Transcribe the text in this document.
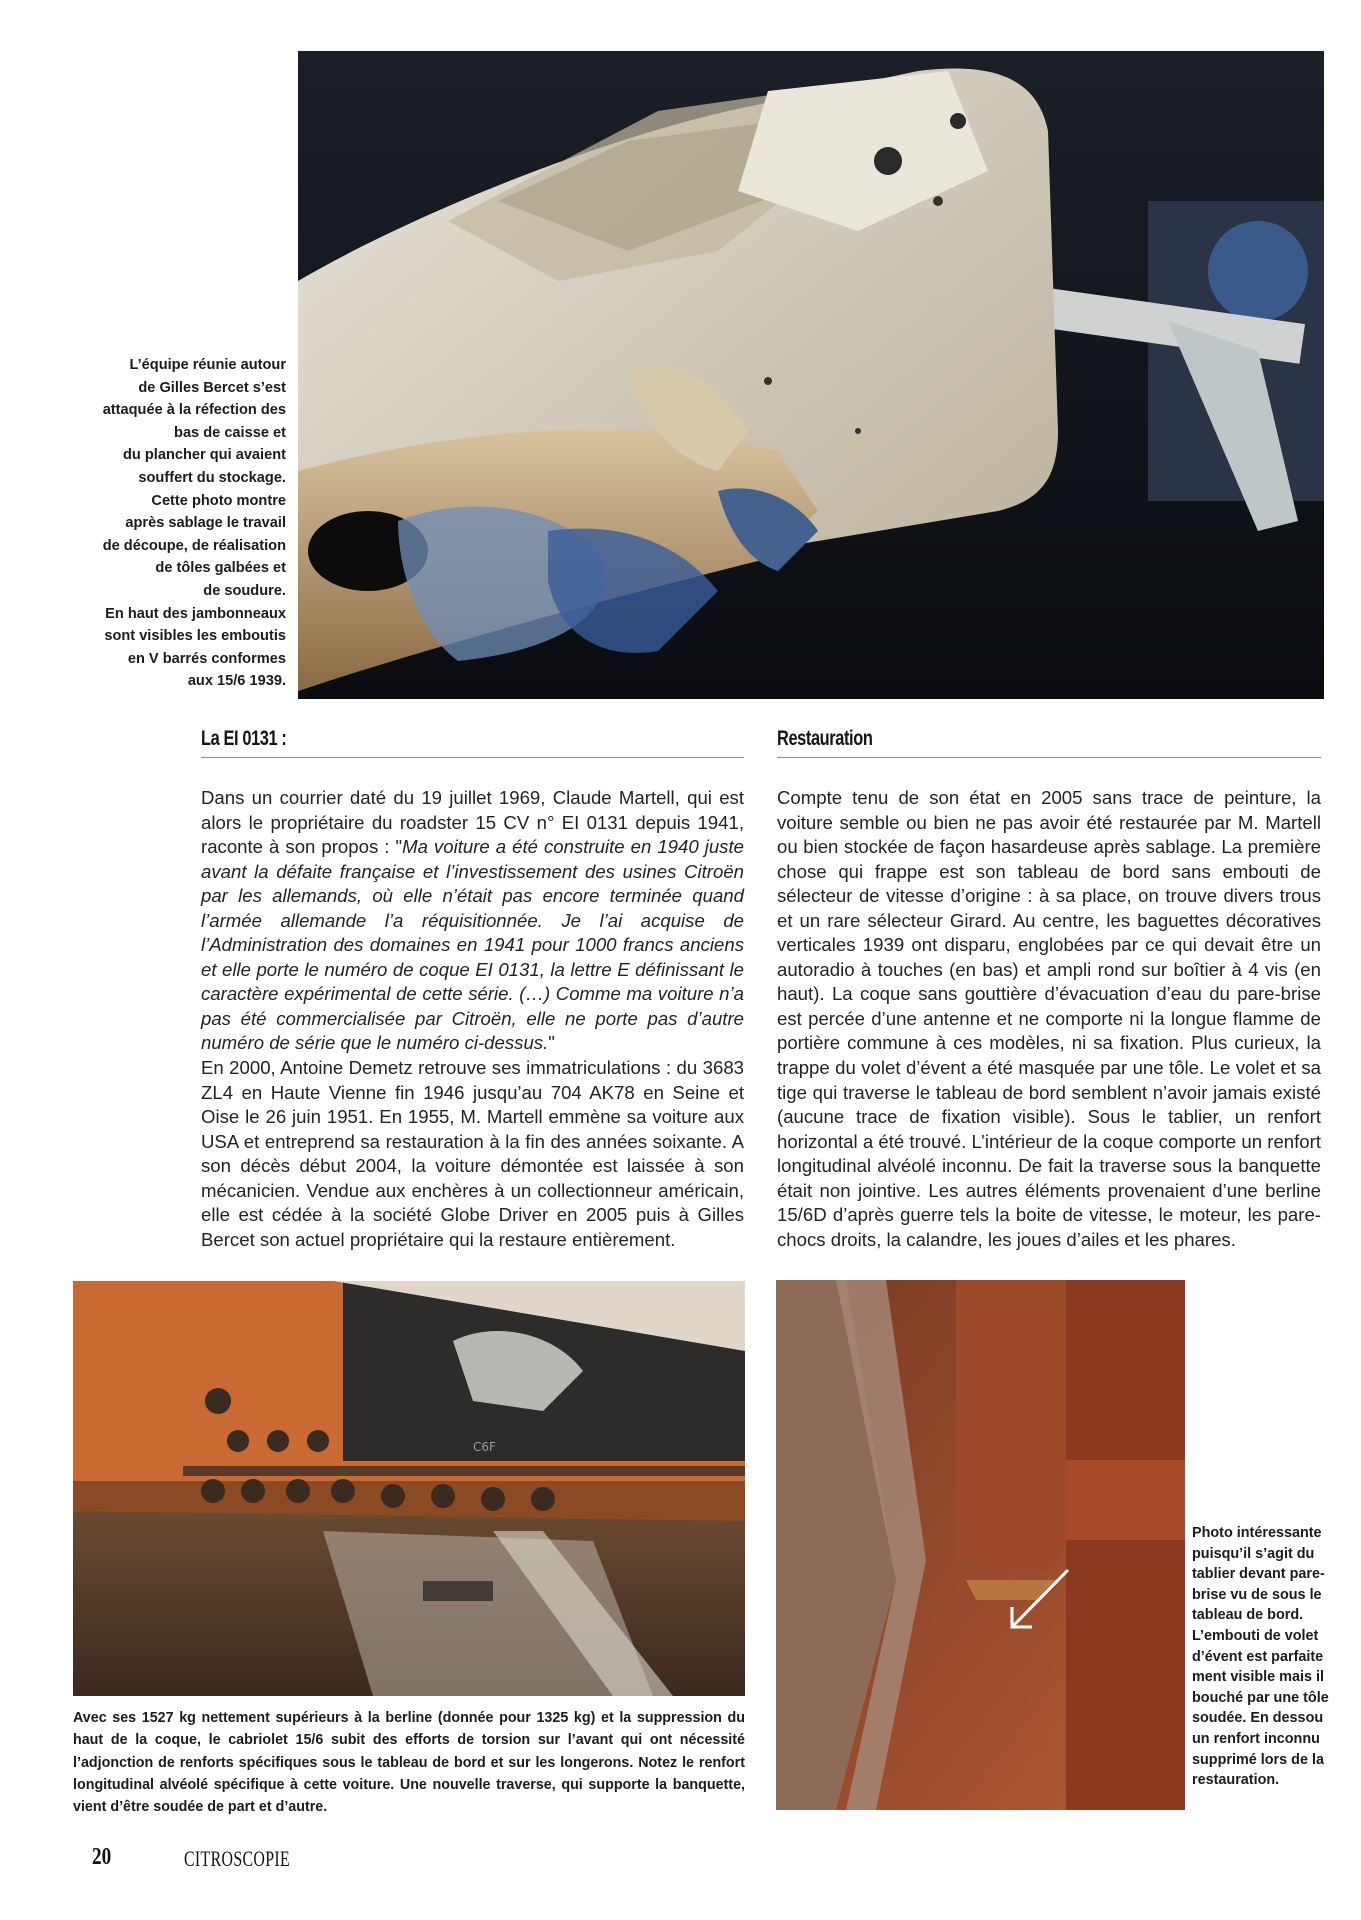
L’équipe réunie autour
de Gilles Bercet s’est
attaquée à la réfection des
bas de caisse et
du plancher qui avaient
souffert du stockage.
Cette photo montre
après sablage le travail
de découpe, de réalisation
de tôles galbées et
de soudure.
En haut des jambonneaux
sont visibles les emboutis
en V barrés conformes
aux 15/6 1939.
La EI 0131 :	Restauration

Dans un courrier daté du 19 juillet 1969, Claude Martell, qui est alors le propriétaire du roadster 15 CV n° EI 0131 depuis 1941, raconte à son propos : "Ma voiture a été construite en 1940 juste avant la défaite française et l’investissement des usines Citroën par les allemands, où elle n’était pas encore terminée quand l’armée allemande l’a réquisitionnée. Je l’ai acquise de l’Administration des domaines en 1941 pour 1000 francs anciens et elle porte le numéro de coque EI 0131, la lettre E définissant le caractère expérimental de cette série. (…) Comme ma voiture n’a pas été commercialisée par Citroën, elle ne porte pas d’autre numéro de série que le numéro ci-dessus."

En 2000, Antoine Demetz retrouve ses immatriculations : du 3683 ZL4 en Haute Vienne fin 1946 jusqu’au 704 AK78 en Seine et Oise le 26 juin 1951. En 1955, M. Martell emmène sa voiture aux USA et entreprend sa restauration à la fin des années soixante. A son décès début 2004, la voiture démontée est laissée à son mécanicien. Vendue aux enchères à un collectionneur américain, elle est cédée à la société Globe Driver en 2005 puis à Gilles Bercet son actuel propriétaire qui la restaure entièrement.

Compte tenu de son état en 2005 sans trace de peinture, la voiture semble ou bien ne pas avoir été restaurée par M. Martell ou bien stockée de façon hasardeuse après sablage. La première chose qui frappe est son tableau de bord sans embouti de sélecteur de vitesse d’origine : à sa place, on trouve divers trous et un rare sélecteur Girard. Au centre, les baguettes décoratives verticales 1939 ont disparu, englobées par ce qui devait être un autoradio à touches (en bas) et ampli rond sur boîtier à 4 vis (en haut). La coque sans gouttière d’évacuation d’eau du pare-brise est percée d’une antenne et ne comporte ni la longue flamme de portière commune à ces modèles, ni sa fixation. Plus curieux, la trappe du volet d’évent a été masquée par une tôle. Le volet et sa tige qui traverse le tableau de bord semblent n’avoir jamais existé (aucune trace de fixation visible). Sous le tablier, un renfort horizontal a été trouvé. L’intérieur de la coque comporte un renfort longitudinal alvéolé inconnu. De fait la traverse sous la banquette était non jointive. Les autres éléments provenaient d’une berline 15/6D d’après guerre tels la boite de vitesse, le moteur, les pare-chocs droits, la calandre, les joues d’ailes et les phares.

C6F
Avec ses 1527 kg nettement supérieurs à la berline (donnée pour 1325 kg) et la suppression du haut de la coque, le cabriolet 15/6 subit des efforts de torsion sur l’avant qui ont nécessité l’adjonction de renforts spécifiques sous le tableau de bord et sur les longerons. Notez le renfort longitudinal alvéolé spécifique à cette voiture. Une nouvelle traverse, qui supporte la banquette, vient d’être soudée de part et d’autre.
Photo intéressante
puisqu’il s’agit du
tablier devant pare-
brise vu de sous le
tableau de bord.
L’embouti de volet
d’évent est parfaite
ment visible mais il
bouché par une tôle
soudée. En dessou
un renfort inconnu
supprimé lors de la
restauration.
20	CITROSCOPIE
